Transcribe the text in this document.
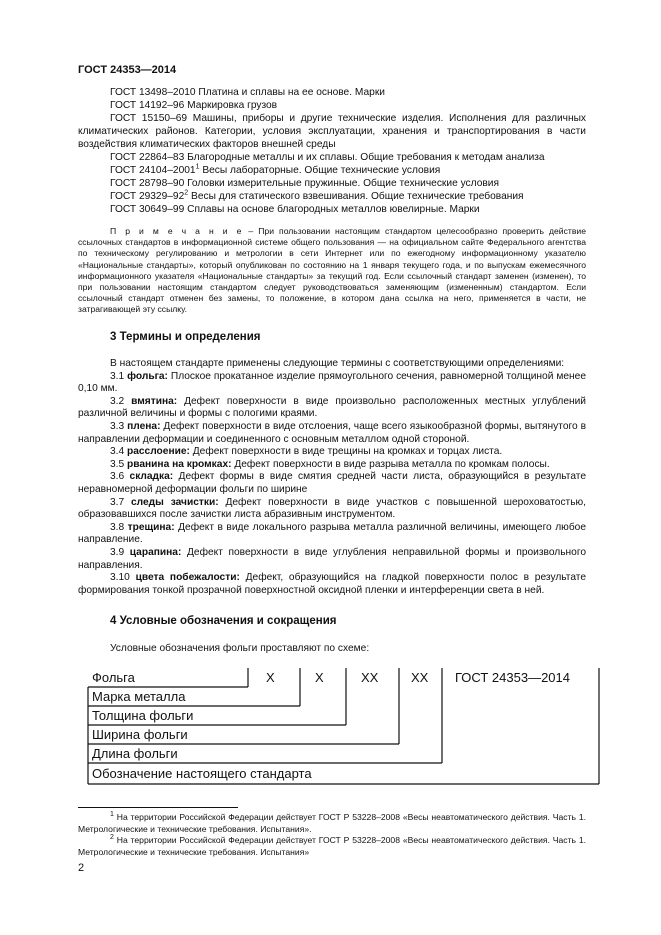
ГОСТ 24353—2014

ГОСТ 13498–2010 Платина и сплавы на ее основе. Марки

ГОСТ 14192–96 Маркировка грузов

ГОСТ 15150–69 Машины, приборы и другие технические изделия. Исполнения для различных климатических районов. Категории, условия эксплуатации, хранения и транспортирования в части воздействия климатических факторов внешней среды

ГОСТ 22864–83 Благородные металлы и их сплавы. Общие требования к методам анализа

ГОСТ 24104–2001$^1$ Весы лабораторные. Общие технические условия

ГОСТ 28798–90 Головки измерительные пружинные. Общие технические условия

ГОСТ $29329-92^2$ Весы для статического взвешивания. Общие технические требования

ГОСТ 30649–99 Сплавы на основе благородных металлов ювелирные. Марки

П р и м е ч а н и е – При пользовании настоящим стандартом целесообразно проверить действие ссылочных стандартов в информационной системе общего пользования — на официальном сайте Федерального агентства по техническому регулированию и метрологии в сети Интернет или по ежегодному информационному указателю «Национальные стандарты», который опубликован по состоянию на 1 января текущего года, и по выпускам ежемесячного информационного указателя «Национальные стандарты» за текущий год. Если ссылочный стандарт заменен (изменен), то при пользовании настоящим стандартом следует руководствоваться заменяющим (измененным) стандартом. Если ссылочный стандарт отменен без замены, то положение, в котором дана ссылка на него, применяется в части, не затрагивающей эту ссылку.

3 Термины и определения

В настоящем стандарте применены следующие термины с соответствующими определениями:

3.1 фольга: Плоское прокатанное изделие прямоугольного сечения, равномерной толщиной менее 0,10 мм.

3.2 вмятина: Дефект поверхности в виде произвольно расположенных местных углублений различной величины и формы с пологими краями.

3.3 плена: Дефект поверхности в виде отслоения, чаще всего языкообразной формы, вытянутого в направлении деформации и соединенного с основным металлом одной стороной.

3.4 расслоение: Дефект поверхности в виде трещины на кромках и торцах листа.

3.5 рванина на кромках: Дефект поверхности в виде разрыва металла по кромкам полосы.

3.6 складка: Дефект формы в виде смятия средней части листа, образующийся в результате неравномерной деформации фольги по ширине

3.7 следы зачистки: Дефект поверхности в виде участков с повышенной шероховатостью, образовавшихся после зачистки листа абразивным инструментом.

3.8 трещина: Дефект в виде локального разрыва металла различной величины, имеющего любое направление.

3.9 царапина: Дефект поверхности в виде углубления неправильной формы и произвольного направления.

3.10 цвета побежалости: Дефект, образующийся на гладкой поверхности полос в результате формирования тонкой прозрачной поверхностной оксидной пленки и интерференции света в ней.

4 Условные обозначения и сокращения
Условные обозначения фольги проставляют по схеме:
Фольга	Х	Х	ХХ	ХХ ГОСТ 24353—2014
Марка металла
Толщина фольги
Ширина фольги
Длина фольги
Обозначение настоящего стандарта

$^1$ На территории Российской Федерации действует ГОСТ Р 53228–2008 «Весы неавтоматического действия. Часть 1. Метрологические и технические требования. Испытания».

$^2$ На территории Российской Федерации действует ГОСТ Р 53228–2008 «Весы неавтоматического действия. Часть 1. Метрологические и технические требования. Испытания»

2
